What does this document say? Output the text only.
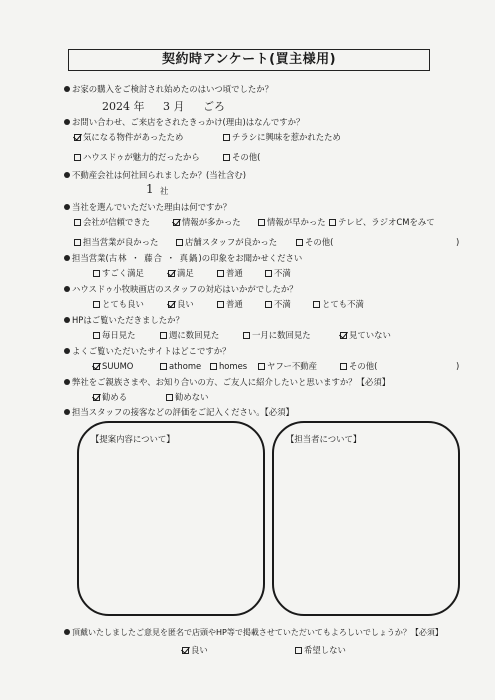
契約時アンケート(買主様用)
お家の購入をご検討され始めたのはいつ頃でしたか？
2024 年 3 月 ごろ
お問い合わせ、ご来店をされたきっかけ(理由)はなんですか？
気になる物件があったため	チラシに興味を惹かれたため
ハウスドゥが魅力的だったから	その他(
不動産会社は何社回られましたか？(当社含む)
1 社
当社を選んでいただいた理由は何ですか？
会社が信頼できた	情報が多かった	情報が早かった	テレビ、ラジオCMをみて
担当営業が良かった	店舗スタッフが良かった	その他(	)
担当営業(古林 ・ 藤合 ・ 真鍋)の印象をお聞かせください
すごく満足	満足	普通	不満
ハウスドゥ小牧映画店のスタッフの対応はいかがでしたか？
とても良い	良い	普通	不満	とても不満
HPはご覧いただきましたか？
毎日見た	週に数回見た	一月に数回見た	見ていない
よくご覧いただいたサイトはどこですか？
SUUMO	athome	homes	ヤフー不動産	その他(	)
弊社をご親族さまや、お知り合いの方、ご友人に紹介したいと思いますか？【必須】
勧める	勧めない
担当スタッフの接客などの評価をご記入ください。【必須】
【提案内容について】	【担当者について】
頂戴いたしましたご意見を匿名で店頭やHP等で掲載させていただいてもよろしいでしょうか？【必須】
良い	希望しない
